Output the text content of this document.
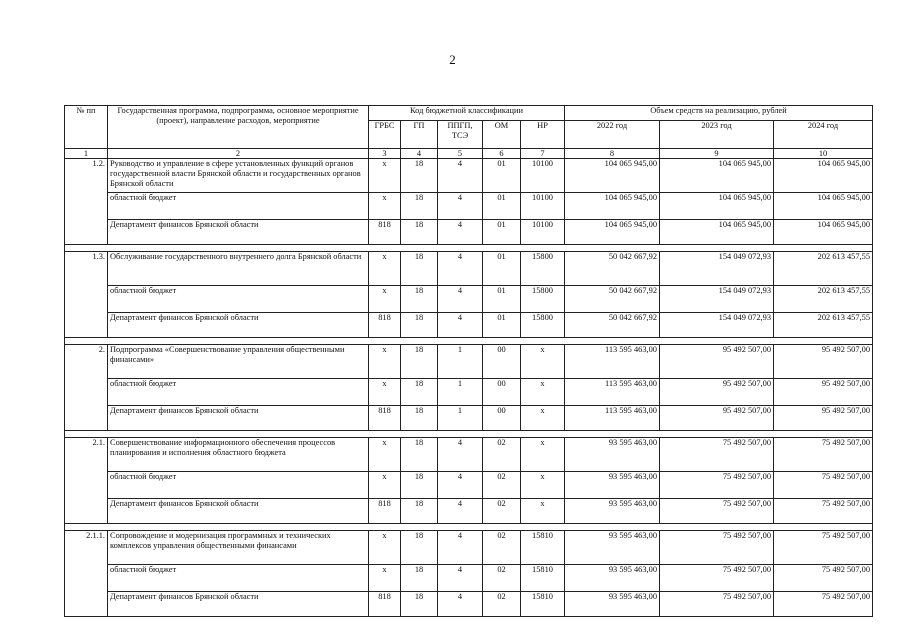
2
№ пп	Государственная программа, подпрограмма, основное мероприятие (проект), направление расходов, мероприятие	Код бюджетной классификации					Объем средств на реализацию, рублей		
		ГРБС	ГП	ППГП, ТСЭ	ОМ	НР	2022 год	2023 год	2024 год
1	2	3	4	5	6	7	8	9	10
1.2.	Руководство и управление в сфере установленных функций органов государственной власти Брянской области и государственных органов Брянской области	x	18	4	01	10100	104 065 945,00	104 065 945,00	104 065 945,00
	областной бюджет	x	18	4	01	10100	104 065 945,00	104 065 945,00	104 065 945,00
	Департамент финансов Брянской области	818	18	4	01	10100	104 065 945,00	104 065 945,00	104 065 945,00

1.3.	Обслуживание государственного внутреннего долга Брянской области	x	18	4	01	15800	50 042 667,92	154 049 072,93	202 613 457,55
	областной бюджет	x	18	4	01	15800	50 042 667,92	154 049 072,93	202 613 457,55
	Департамент финансов Брянской области	818	18	4	01	15800	50 042 667,92	154 049 072,93	202 613 457,55

2.	Подпрограмма «Совершенствование управления общественными финансами»	x	18	1	00	x	113 595 463,00	95 492 507,00	95 492 507,00
	областной бюджет	x	18	1	00	x	113 595 463,00	95 492 507,00	95 492 507,00
	Департамент финансов Брянской области	818	18	1	00	x	113 595 463,00	95 492 507,00	95 492 507,00

2.1.	Совершенствование информационного обеспечения процессов планирования и исполнения областного бюджета	x	18	4	02	x	93 595 463,00	75 492 507,00	75 492 507,00
	областной бюджет	x	18	4	02	x	93 595 463,00	75 492 507,00	75 492 507,00
	Департамент финансов Брянской области	818	18	4	02	x	93 595 463,00	75 492 507,00	75 492 507,00

2.1.1.	Сопровождение и модернизация программных и технических комплексов управления общественными финансами	x	18	4	02	15810	93 595 463,00	75 492 507,00	75 492 507,00
	областной бюджет	x	18	4	02	15810	93 595 463,00	75 492 507,00	75 492 507,00
	Департамент финансов Брянской области	818	18	4	02	15810	93 595 463,00	75 492 507,00	75 492 507,00
